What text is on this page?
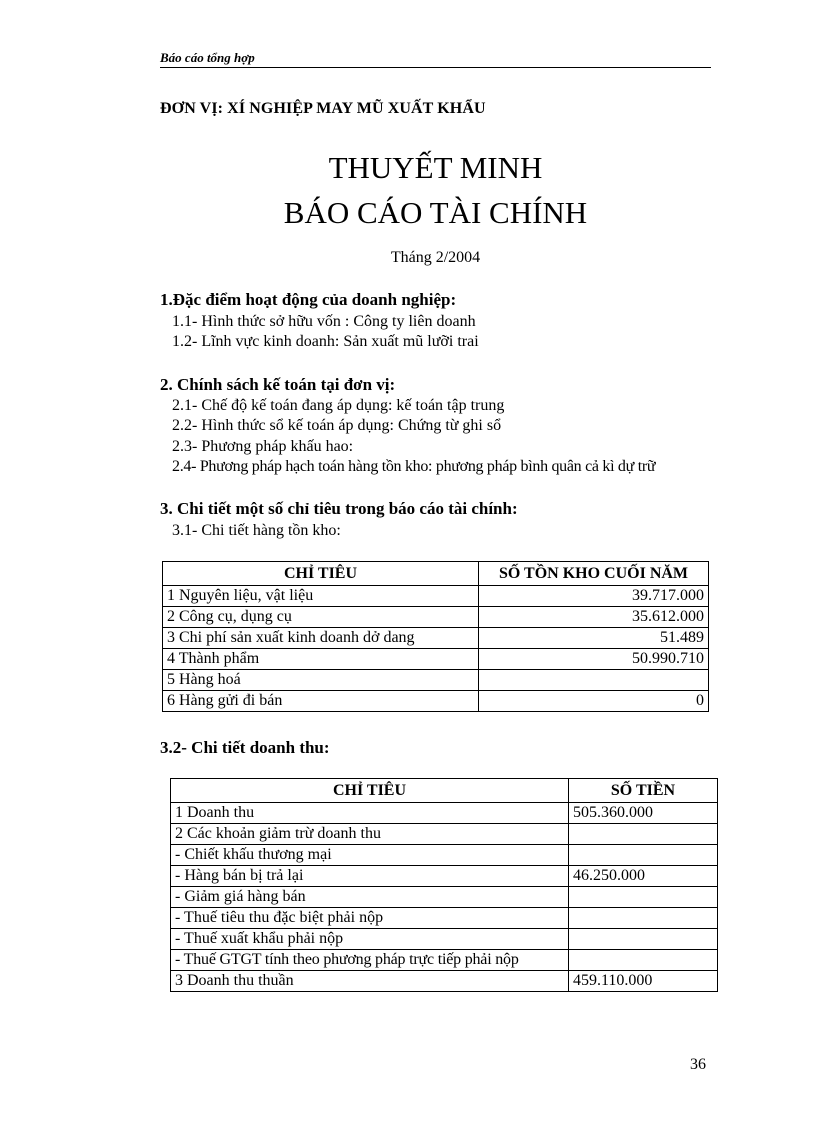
Báo cáo tổng hợp
ĐƠN VỊ: XÍ NGHIỆP MAY MŨ XUẤT KHẨU
THUYẾT MINH
BÁO CÁO TÀI CHÍNH
Tháng 2/2004
1.Đặc điểm hoạt động của doanh nghiệp:
1.1- Hình thức sở hữu vốn : Công ty liên doanh
1.2- Lĩnh vực kinh doanh: Sản xuất mũ lưỡi trai
2. Chính sách kế toán tại đơn vị:
2.1- Chế độ kế toán đang áp dụng: kế toán tập trung
2.2- Hình thức sổ kế toán áp dụng: Chứng từ ghi sổ
2.3- Phương pháp khấu hao:
2.4- Phương pháp hạch toán hàng tồn kho: phương pháp bình quân cả kì dự trữ
3. Chi tiết một số chỉ tiêu trong báo cáo tài chính:
3.1- Chi tiết hàng tồn kho:
CHỈ TIÊU	SỐ TỒN KHO CUỐI NĂM
1 Nguyên liệu, vật liệu	39.717.000
2 Công cụ, dụng cụ	35.612.000
3 Chi phí sản xuất kinh doanh dở dang	51.489
4 Thành phẩm	50.990.710
5 Hàng hoá	
6 Hàng gửi đi bán	0
3.2- Chi tiết doanh thu:
CHỈ TIÊU	SỐ TIỀN
1 Doanh thu	505.360.000
2 Các khoản giảm trừ doanh thu	
- Chiết khấu thương mại	
- Hàng bán bị trả lại	46.250.000
- Giảm giá hàng bán	
- Thuế tiêu thu đặc biệt phải nộp	
- Thuế xuất khẩu phải nộp	
- Thuế GTGT tính theo phương pháp trực tiếp phải nộp	
3 Doanh thu thuần	459.110.000
36
